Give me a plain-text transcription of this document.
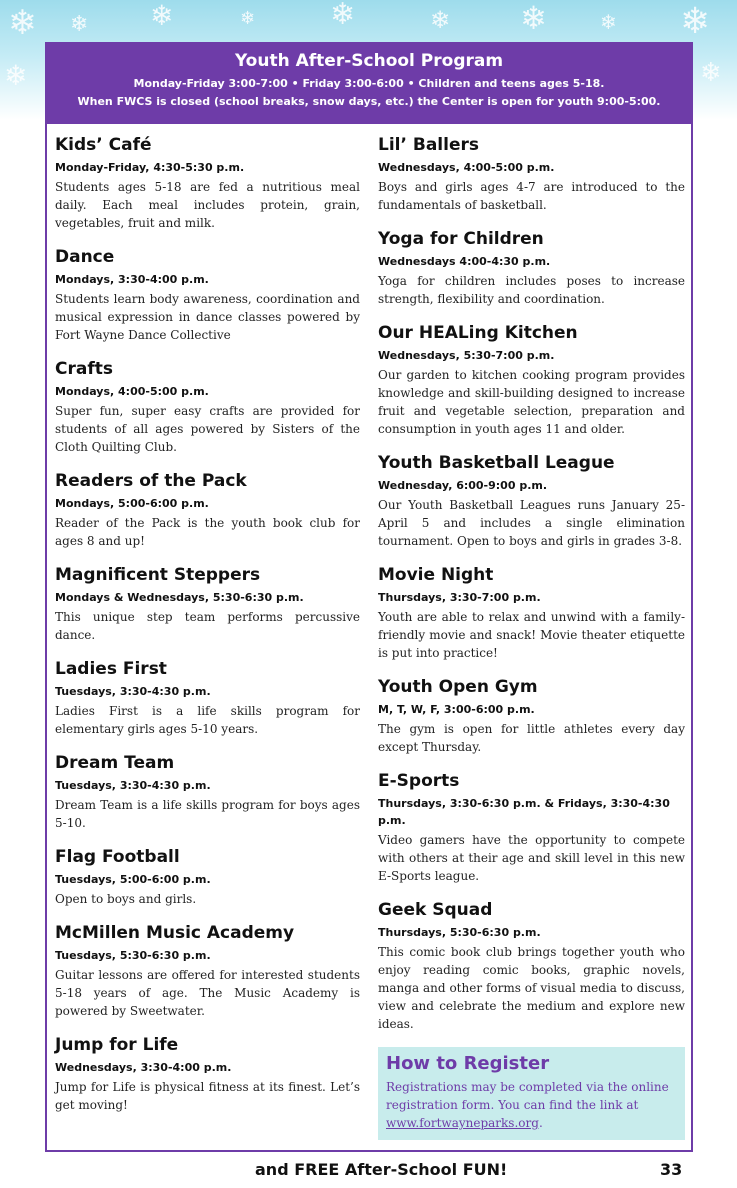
❄ ❄ ❄	❄ ❄	❄ ❄	❄ ❄
❄
❄	Youth After-School Program
Monday-Friday 3:00-7:00 • Friday 3:00-6:00 • Children and teens ages 5-18.
When FWCS is closed (school breaks, snow days, etc.) the Center is open for youth 9:00-5:00.
Kids’ Café
Monday-Friday, 4:30-5:30 p.m.
Students ages 5-18 are fed a nutritious meal daily. Each meal includes protein, grain, vegetables, fruit and milk.
Dance
Mondays, 3:30-4:00 p.m.
Students learn body awareness, coordination and musical expression in dance classes powered by Fort Wayne Dance Collective
Crafts
Mondays, 4:00-5:00 p.m.
Super fun, super easy crafts are provided for students of all ages powered by Sisters of the Cloth Quilting Club.
Readers of the Pack
Mondays, 5:00-6:00 p.m.
Reader of the Pack is the youth book club for ages 8 and up!
Magnificent Steppers
Mondays & Wednesdays, 5:30-6:30 p.m.
This unique step team performs percussive dance.
Ladies First
Tuesdays, 3:30-4:30 p.m.
Ladies First is a life skills program for elementary girls ages 5-10 years.
Dream Team
Tuesdays, 3:30-4:30 p.m.
Dream Team is a life skills program for boys ages 5-10.
Flag Football
Tuesdays, 5:00-6:00 p.m.
Open to boys and girls.
McMillen Music Academy
Tuesdays, 5:30-6:30 p.m.
Guitar lessons are offered for interested students 5-18 years of age. The Music Academy is powered by Sweetwater.
Jump for Life
Wednesdays, 3:30-4:00 p.m.
Jump for Life is physical fitness at its finest. Let’s get moving!
Lil’ Ballers
Wednesdays, 4:00-5:00 p.m.
Boys and girls ages 4-7 are introduced to the fundamentals of basketball.
Yoga for Children
Wednesdays 4:00-4:30 p.m.
Yoga for children includes poses to increase strength, flexibility and coordination.
Our HEALing Kitchen
Wednesdays, 5:30-7:00 p.m.
Our garden to kitchen cooking program provides knowledge and skill-building designed to increase fruit and vegetable selection, preparation and consumption in youth ages 11 and older.
Youth Basketball League
Wednesday, 6:00-9:00 p.m.
Our Youth Basketball Leagues runs January 25-April 5 and includes a single elimination tournament. Open to boys and girls in grades 3-8.
Movie Night
Thursdays, 3:30-7:00 p.m.
Youth are able to relax and unwind with a family-friendly movie and snack! Movie theater etiquette is put into practice!
Youth Open Gym
M, T, W, F, 3:00-6:00 p.m.
The gym is open for little athletes every day except Thursday.
E-Sports
Thursdays, 3:30-6:30 p.m. & Fridays, 3:30-4:30 p.m.
Video gamers have the opportunity to compete with others at their age and skill level in this new E-Sports league.
Geek Squad
Thursdays, 5:30-6:30 p.m.
This comic book club brings together youth who enjoy reading comic books, graphic novels, manga and other forms of visual media to discuss, view and celebrate the medium and explore new ideas.
How to Register
Registrations may be completed via the online registration form. You can find the link at www.fortwayneparks.org.
and FREE After-School FUN!	33
